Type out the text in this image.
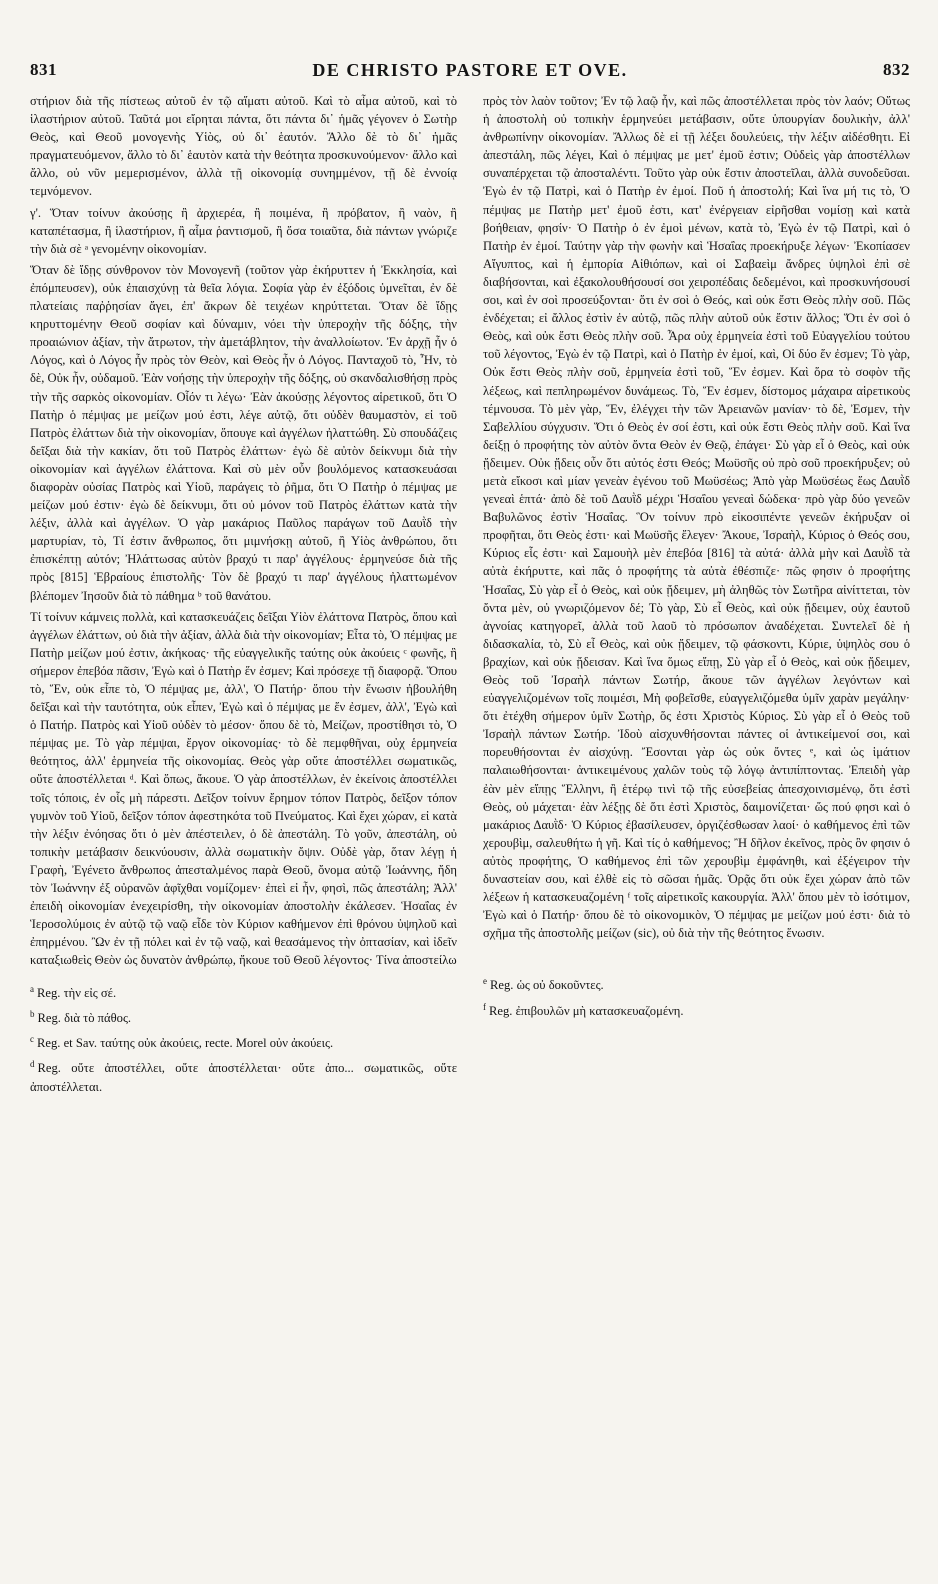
831	DE CHRISTO PASTORE ET OVE.	832

στήριον διὰ τῆς πίστεως αὐτοῦ ἐν τῷ αἵματι αὐτοῦ. Καὶ τὸ αἷμα αὐτοῦ, καὶ τὸ ἱλαστήριον αὐτοῦ. Ταῦτά μοι εἴρηται πάντα, ὅτι πάντα δι᾽ ἡμᾶς γέγονεν ὁ Σωτὴρ Θεὸς, καὶ Θεοῦ μονογενὴς Υἱὸς, οὐ δι᾽ ἑαυτόν. Ἄλλο δὲ τὸ δι᾽ ἡμᾶς πραγματευόμενον, ἄλλο τὸ δι᾽ ἑαυτὸν κατὰ τὴν θεότητα προσκυνούμενον· ἄλλο καὶ ἄλλο, οὐ νῦν μεμερισμένον, ἀλλὰ τῇ οἰκονομίᾳ συνημμένον, τῇ δὲ ἐννοίᾳ τεμνόμενον.

γ'. Ὅταν τοίνυν ἀκούσῃς ἢ ἀρχιερέα, ἢ ποιμένα, ἢ πρόβατον, ἢ ναὸν, ἢ καταπέτασμα, ἢ ἱλαστήριον, ἢ αἷμα ῥαντισμοῦ, ἢ ὅσα τοιαῦτα, διὰ πάντων γνώριζε τὴν διὰ σὲ ᵃ γενομένην οἰκονομίαν.

Ὅταν δὲ ἴδῃς σύνθρονον τὸν Μονογενῆ (τοῦτον γὰρ ἐκήρυττεν ἡ Ἐκκλησία, καὶ ἐπόμπευσεν), οὐκ ἐπαισχύνῃ τὰ θεῖα λόγια. Σοφία γὰρ ἐν ἐξόδοις ὑμνεῖται, ἐν δὲ πλατείαις παῤῥησίαν ἄγει, ἐπ' ἄκρων δὲ τειχέων κηρύττεται. Ὅταν δὲ ἴδῃς κηρυττομένην Θεοῦ σοφίαν καὶ δύναμιν, νόει τὴν ὑπεροχὴν τῆς δόξης, τὴν προαιώνιον ἀξίαν, τὴν ἄτρωτον, τὴν ἀμετάβλητον, τὴν ἀναλλοίωτον. Ἐν ἀρχῇ ἦν ὁ Λόγος, καὶ ὁ Λόγος ἦν πρὸς τὸν Θεὸν, καὶ Θεὸς ἦν ὁ Λόγος. Πανταχοῦ τὸ, Ἦν, τὸ δὲ, Οὐκ ἦν, οὐδαμοῦ. Ἐὰν νοήσῃς τὴν ὑπεροχὴν τῆς δόξης, οὐ σκανδαλισθήσῃ πρὸς τὴν τῆς σαρκὸς οἰκονομίαν. Οἷόν τι λέγω· Ἐὰν ἀκούσῃς λέγοντος αἱρετικοῦ, ὅτι Ὁ Πατὴρ ὁ πέμψας με μείζων μού ἐστι, λέγε αὐτῷ, ὅτι οὐδὲν θαυμαστὸν, εἰ τοῦ Πατρὸς ἐλάττων διὰ τὴν οἰκονομίαν, ὅπουγε καὶ ἀγγέλων ἠλαττώθη. Σὺ σπουδάζεις δεῖξαι διὰ τὴν κακίαν, ὅτι τοῦ Πατρὸς ἐλάττων· ἐγὼ δὲ αὐτὸν δείκνυμι διὰ τὴν οἰκονομίαν καὶ ἀγγέλων ἐλάττονα. Καὶ σὺ μὲν οὖν βουλόμενος κατασκευάσαι διαφορὰν οὐσίας Πατρὸς καὶ Υἱοῦ, παράγεις τὸ ῥῆμα, ὅτι Ὁ Πατὴρ ὁ πέμψας με μείζων μού ἐστιν· ἐγὼ δὲ δείκνυμι, ὅτι οὐ μόνον τοῦ Πατρὸς ἐλάττων κατὰ τὴν λέξιν, ἀλλὰ καὶ ἀγγέλων. Ὁ γὰρ μακάριος Παῦλος παράγων τοῦ Δαυῒδ τὴν μαρτυρίαν, τὸ, Τί ἐστιν ἄνθρωπος, ὅτι μιμνήσκῃ αὐτοῦ, ἢ Υἱὸς ἀνθρώπου, ὅτι ἐπισκέπτῃ αὐτόν; Ἠλάττωσας αὐτὸν βραχύ τι παρ' ἀγγέλους· ἑρμηνεύσε διὰ τῆς πρὸς [815] Ἑβραίους ἐπιστολῆς· Τὸν δὲ βραχύ τι παρ' ἀγγέλους ἠλαττωμένον βλέπομεν Ἰησοῦν διὰ τὸ πάθημα ᵇ τοῦ θανάτου.

Τί τοίνυν κάμνεις πολλὰ, καὶ κατασκευάζεις δεῖξαι Υἱὸν ἐλάττονα Πατρὸς, ὅπου καὶ ἀγγέλων ἐλάττων, οὐ διὰ τὴν ἀξίαν, ἀλλὰ διὰ τὴν οἰκονομίαν; Εἶτα τὸ, Ὁ πέμψας με Πατὴρ μείζων μού ἐστιν, ἀκήκοας· τῆς εὐαγγελικῆς ταύτης οὐκ ἀκούεις ᶜ φωνῆς, ἣ σήμερον ἐπεβόα πᾶσιν, Ἐγὼ καὶ ὁ Πατὴρ ἕν ἐσμεν; Καὶ πρόσεχε τῇ διαφορᾷ. Ὅπου τὸ, Ἕν, οὐκ εἶπε τὸ, Ὁ πέμψας με, ἀλλ', Ὁ Πατήρ· ὅπου τὴν ἕνωσιν ἠβουλήθη δεῖξαι καὶ τὴν ταυτότητα, οὐκ εἶπεν, Ἐγὼ καὶ ὁ πέμψας με ἕν ἐσμεν, ἀλλ', Ἐγὼ καὶ ὁ Πατήρ. Πατρὸς καὶ Υἱοῦ οὐδὲν τὸ μέσον· ὅπου δὲ τὸ, Μείζων, προστίθησι τὸ, Ὁ πέμψας με. Τὸ γὰρ πέμψαι, ἔργον οἰκονομίας· τὸ δὲ πεμφθῆναι, οὐχ ἑρμηνεία θεότητος, ἀλλ' ἑρμηνεία τῆς οἰκονομίας. Θεὸς γὰρ οὔτε ἀποστέλλει σωματικῶς, οὔτε ἀποστέλλεται ᵈ. Καὶ ὅπως, ἄκουε. Ὁ γὰρ ἀποστέλλων, ἐν ἐκείνοις ἀποστέλλει τοῖς τόποις, ἐν οἷς μὴ πάρεστι. Δεῖξον τοίνυν ἔρημον τόπον Πατρὸς, δεῖξον τόπον γυμνὸν τοῦ Υἱοῦ, δεῖξον τόπον ἀφεστηκότα τοῦ Πνεύματος. Καὶ ἔχει χώραν, εἰ κατὰ τὴν λέξιν ἐνόησας ὅτι ὁ μὲν ἀπέστειλεν, ὁ δὲ ἀπεστάλη. Τὸ γοῦν, ἀπεστάλη, οὐ τοπικὴν μετάβασιν δεικνύουσιν, ἀλλὰ σωματικὴν ὄψιν. Οὐδὲ γὰρ, ὅταν λέγῃ ἡ Γραφὴ, Ἐγένετο ἄνθρωπος ἀπεσταλμένος παρὰ Θεοῦ, ὄνομα αὐτῷ Ἰωάννης, ἤδη τὸν Ἰωάννην ἐξ οὐρανῶν ἀφῖχθαι νομίζομεν· ἐπεὶ εἰ ἦν, φησὶ, πῶς ἀπεστάλη; Ἀλλ' ἐπειδὴ οἰκονομίαν ἐνεχειρίσθη, τὴν οἰκονομίαν ἀποστολὴν ἐκάλεσεν. Ἡσαΐας ἐν Ἱεροσολύμοις ἐν αὐτῷ τῷ ναῷ εἶδε τὸν Κύριον καθήμενον ἐπὶ θρόνου ὑψηλοῦ καὶ ἐπηρμένου. Ὢν ἐν τῇ πόλει καὶ ἐν τῷ ναῷ, καὶ θεασάμενος τὴν ὀπτασίαν, καὶ ἰδεῖν καταξιωθεὶς Θεὸν ὡς δυνατὸν ἀνθρώπῳ, ἤκουε τοῦ Θεοῦ λέγοντος· Τίνα ἀποστείλω

$^a$ Reg. τὴν εἰς σέ.

$^b$ Reg. διὰ τὸ πάθος.

$^c$ Reg. et Sav. ταύτης οὐκ ἀκούεις, recte. Morel οὐν ἀκούεις.

$^d$ Reg. οὔτε ἀποστέλλει, οὔτε ἀποστέλλεται· οὔτε ἀπο... σωματικῶς, οὔτε ἀποστέλλεται.

πρὸς τὸν λαὸν τοῦτον; Ἐν τῷ λαῷ ἦν, καὶ πῶς ἀποστέλλεται πρὸς τὸν λαόν; Οὕτως ἡ ἀποστολὴ οὐ τοπικὴν ἑρμηνεύει μετάβασιν, οὔτε ὑπουργίαν δουλικὴν, ἀλλ' ἀνθρωπίνην οἰκονομίαν. Ἄλλως δὲ εἰ τῇ λέξει δουλεύεις, τὴν λέξιν αἰδέσθητι. Εἰ ἀπεστάλη, πῶς λέγει, Καὶ ὁ πέμψας με μετ' ἐμοῦ ἐστιν; Οὐδεὶς γὰρ ἀποστέλλων συναπέρχεται τῷ ἀποσταλέντι. Τοῦτο γὰρ οὐκ ἔστιν ἀποστεῖλαι, ἀλλὰ συνοδεῦσαι. Ἐγὼ ἐν τῷ Πατρὶ, καὶ ὁ Πατὴρ ἐν ἐμοί. Ποῦ ἡ ἀποστολή; Καὶ ἵνα μή τις τὸ, Ὁ πέμψας με Πατὴρ μετ' ἐμοῦ ἐστι, κατ' ἐνέργειαν εἰρῆσθαι νομίσῃ καὶ κατὰ βοήθειαν, φησίν· Ὁ Πατὴρ ὁ ἐν ἐμοὶ μένων, κατὰ τὸ, Ἐγὼ ἐν τῷ Πατρὶ, καὶ ὁ Πατὴρ ἐν ἐμοί. Ταύτην γὰρ τὴν φωνὴν καὶ Ἡσαΐας προεκήρυξε λέγων· Ἐκοπίασεν Αἴγυπτος, καὶ ἡ ἐμπορία Αἰθιόπων, καὶ οἱ Σαβαεὶμ ἄνδρες ὑψηλοὶ ἐπὶ σὲ διαβήσονται, καὶ ἐξακολουθήσουσί σοι χειροπέδαις δεδεμένοι, καὶ προσκυνήσουσί σοι, καὶ ἐν σοὶ προσεύξονται· ὅτι ἐν σοὶ ὁ Θεός, καὶ οὐκ ἔστι Θεὸς πλὴν σοῦ. Πῶς ἐνδέχεται; εἰ ἄλλος ἐστὶν ἐν αὐτῷ, πῶς πλὴν αὐτοῦ οὐκ ἔστιν ἄλλος; Ὅτι ἐν σοὶ ὁ Θεὸς, καὶ οὐκ ἔστι Θεὸς πλὴν σοῦ. Ἆρα οὐχ ἑρμηνεία ἐστὶ τοῦ Εὐαγγελίου τούτου τοῦ λέγοντος, Ἐγὼ ἐν τῷ Πατρὶ, καὶ ὁ Πατὴρ ἐν ἐμοί, καὶ, Οἱ δύο ἕν ἐσμεν; Τὸ γὰρ, Οὐκ ἔστι Θεὸς πλὴν σοῦ, ἑρμηνεία ἐστὶ τοῦ, Ἕν ἐσμεν. Καὶ ὅρα τὸ σοφὸν τῆς λέξεως, καὶ πεπληρωμένον δυνάμεως. Τὸ, Ἕν ἐσμεν, δίστομος μάχαιρα αἱρετικοὺς τέμνουσα. Τὸ μὲν γὰρ, Ἕν, ἐλέγχει τὴν τῶν Ἀρειανῶν μανίαν· τὸ δὲ, Ἐσμεν, τὴν Σαβελλίου σύγχυσιν. Ὅτι ὁ Θεὸς ἐν σοί ἐστι, καὶ οὐκ ἔστι Θεὸς πλὴν σοῦ. Καὶ ἵνα δείξῃ ὁ προφήτης τὸν αὐτὸν ὄντα Θεὸν ἐν Θεῷ, ἐπάγει· Σὺ γὰρ εἶ ὁ Θεὸς, καὶ οὐκ ᾔδειμεν. Οὐκ ᾔδεις οὖν ὅτι αὐτός ἐστι Θεός; Μωϋσῆς οὐ πρὸ σοῦ προεκήρυξεν; οὐ μετὰ εἴκοσι καὶ μίαν γενεὰν ἐγένου τοῦ Μωϋσέως; Ἀπὸ γὰρ Μωϋσέως ἕως Δαυῒδ γενεαὶ ἑπτά· ἀπὸ δὲ τοῦ Δαυῒδ μέχρι Ἡσαΐου γενεαὶ δώδεκα· πρὸ γὰρ δύο γενεῶν Βαβυλῶνος ἐστὶν Ἡσαΐας. Ὃν τοίνυν πρὸ εἰκοσιπέντε γενεῶν ἐκήρυξαν οἱ προφῆται, ὅτι Θεὸς ἐστι· καὶ Μωϋσῆς ἔλεγεν· Ἄκουε, Ἰσραὴλ, Κύριος ὁ Θεός σου, Κύριος εἷς ἐστι· καὶ Σαμουὴλ μὲν ἐπεβόα [816] τὰ αὐτά· ἀλλὰ μὴν καὶ Δαυῒδ τὰ αὐτὰ ἐκήρυττε, καὶ πᾶς ὁ προφήτης τὰ αὐτὰ ἐθέσπιζε· πῶς φησιν ὁ προφήτης Ἡσαΐας, Σὺ γὰρ εἶ ὁ Θεὸς, καὶ οὐκ ᾔδειμεν, μὴ ἀληθῶς τὸν Σωτῆρα αἰνίττεται, τὸν ὄντα μὲν, οὐ γνωριζόμενον δέ; Τὸ γὰρ, Σὺ εἶ Θεὸς, καὶ οὐκ ᾔδειμεν, οὐχ ἑαυτοῦ ἀγνοίας κατηγορεῖ, ἀλλὰ τοῦ λαοῦ τὸ πρόσωπον ἀναδέχεται. Συντελεῖ δὲ ἡ διδασκαλία, τὸ, Σὺ εἶ Θεὸς, καὶ οὐκ ᾔδειμεν, τῷ φάσκοντι, Κύριε, ὑψηλὸς σου ὁ βραχίων, καὶ οὐκ ᾔδεισαν. Καὶ ἵνα ὅμως εἴπῃ, Σὺ γὰρ εἶ ὁ Θεὸς, καὶ οὐκ ᾔδειμεν, Θεὸς τοῦ Ἰσραὴλ πάντων Σωτήρ, ἄκουε τῶν ἀγγέλων λεγόντων καὶ εὐαγγελιζομένων τοῖς ποιμέσι, Μὴ φοβεῖσθε, εὐαγγελιζόμεθα ὑμῖν χαρὰν μεγάλην· ὅτι ἐτέχθη σήμερον ὑμῖν Σωτὴρ, ὅς ἐστι Χριστὸς Κύριος. Σὺ γὰρ εἶ ὁ Θεὸς τοῦ Ἰσραὴλ πάντων Σωτήρ. Ἰδοὺ αἰσχυνθήσονται πάντες οἱ ἀντικείμενοί σοι, καὶ πορευθήσονται ἐν αἰσχύνῃ. Ἔσονται γὰρ ὡς οὐκ ὄντες ᵉ, καὶ ὡς ἱμάτιον παλαιωθήσονται· ἀντικειμένους χαλῶν τοὺς τῷ λόγῳ ἀντιπίπτοντας. Ἐπειδὴ γὰρ ἐὰν μὲν εἴπῃς Ἕλληνι, ἢ ἑτέρῳ τινὶ τῷ τῆς εὐσεβείας ἀπεσχοινισμένῳ, ὅτι ἐστὶ Θεὸς, οὐ μάχεται· ἐὰν λέξῃς δὲ ὅτι ἐστὶ Χριστὸς, δαιμονίζεται· ὥς πού φησι καὶ ὁ μακάριος Δαυῒδ· Ὁ Κύριος ἐβασίλευσεν, ὀργιζέσθωσαν λαοί· ὁ καθήμενος ἐπὶ τῶν χερουβὶμ, σαλευθήτω ἡ γῆ. Καὶ τίς ὁ καθήμενος; Ἢ δῆλον ἐκεῖνος, πρὸς ὃν φησιν ὁ αὐτὸς προφήτης, Ὁ καθήμενος ἐπὶ τῶν χερουβὶμ ἐμφάνηθι, καὶ ἐξέγειρον τὴν δυναστείαν σου, καὶ ἐλθὲ εἰς τὸ σῶσαι ἡμᾶς. Ὁρᾷς ὅτι οὐκ ἔχει χώραν ἀπὸ τῶν λέξεων ἡ κατασκευαζομένη ᶠ τοῖς αἱρετικοῖς κακουργία. Ἀλλ' ὅπου μὲν τὸ ἰσότιμον, Ἐγὼ καὶ ὁ Πατήρ· ὅπου δὲ τὸ οἰκονομικὸν, Ὁ πέμψας με μείζων μού ἐστι· διὰ τὸ σχῆμα τῆς ἀποστολῆς μείζων (sic), οὐ διὰ τὴν τῆς θεότητος ἕνωσιν.

$^e$ Reg. ὡς οὐ δοκοῦντες.

$^f$ Reg. ἐπιβουλῶν μὴ κατασκευαζομένη.
